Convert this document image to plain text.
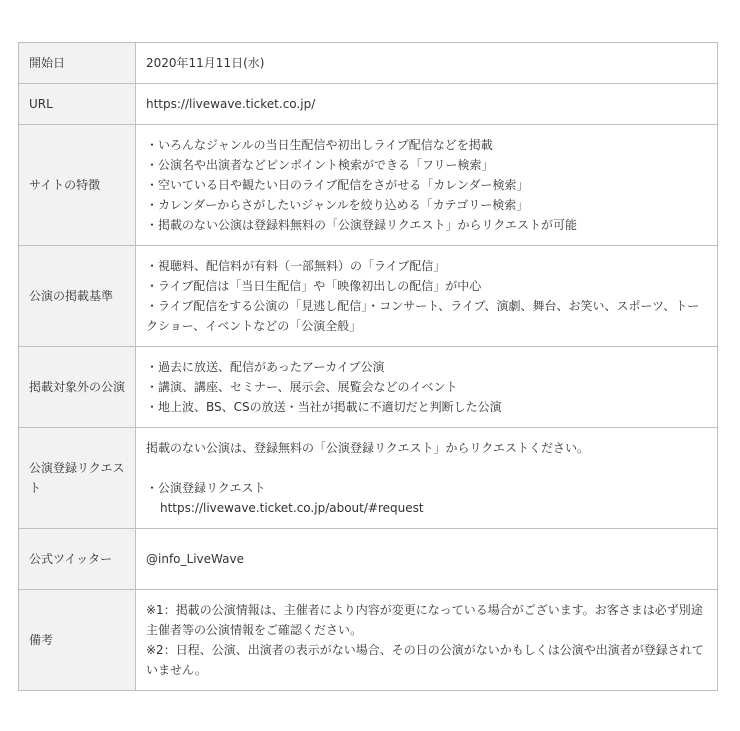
開始日	2020年11月11日(水)
URL	https://livewave.ticket.co.jp/

サイトの特徴	・いろんなジャンルの当日生配信や初出しライブ配信などを掲載
・公演名や出演者などピンポイント検索ができる「フリー検索」
・空いている日や観たい日のライブ配信をさがせる「カレンダー検索」
・カレンダーからさがしたいジャンルを絞り込める「カテゴリー検索」
・掲載のない公演は登録料無料の「公演登録リクエスト」からリクエストが可能

公演の掲載基準	・視聴料、配信料が有料（一部無料）の「ライブ配信」
・ライブ配信は「当日生配信」や「映像初出しの配信」が中心
・ライブ配信をする公演の「見逃し配信」・コンサート、ライブ、演劇、舞台、お笑い、スポーツ、トークショー、イベントなどの「公演全般」

掲載対象外の公演	・過去に放送、配信があったアーカイブ公演
・講演、講座、セミナー、展示会、展覧会などのイベント
・地上波、BS、CSの放送・当社が掲載に不適切だと判断した公演

公演登録リクエスト	掲載のない公演は、登録無料の「公演登録リクエスト」からリクエストください。
・公演登録リクエスト
https://livewave.ticket.co.jp/about/#request

公式ツイッター	@info_LiveWave

備考	※1：掲載の公演情報は、主催者により内容が変更になっている場合がございます。お客さまは必ず別途主催者等の公演情報をご確認ください。
※2：日程、公演、出演者の表示がない場合、その日の公演がないかもしくは公演や出演者が登録されていません。
